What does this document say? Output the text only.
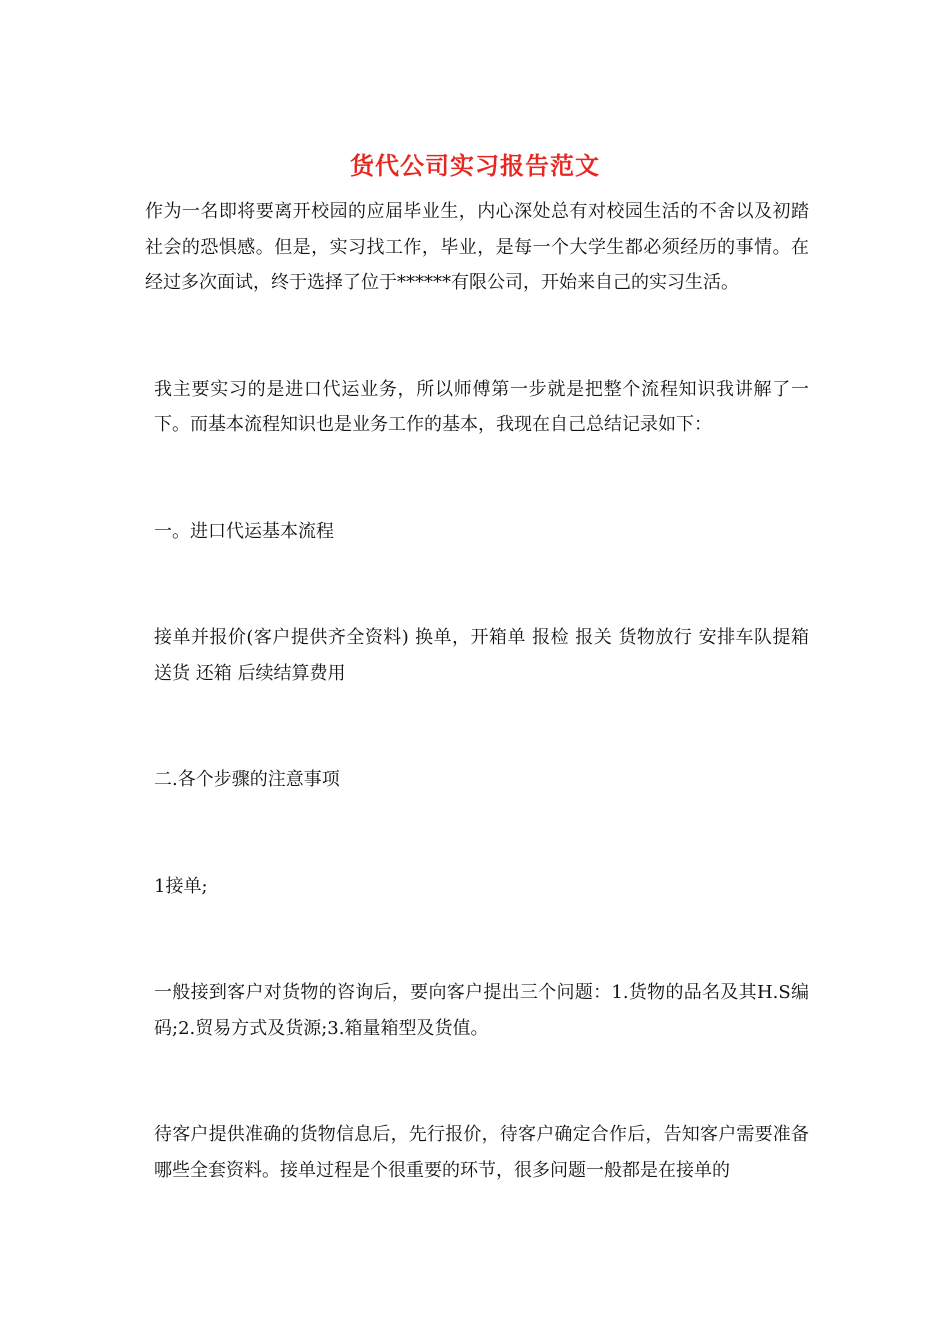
货代公司实习报告范文

作为一名即将要离开校园的应届毕业生，内心深处总有对校园生活的不舍以及初踏社会的恐惧感。但是，实习找工作，毕业，是每一个大学生都必须经历的事情。在经过多次面试，终于选择了位于******有限公司，开始来自己的实习生活。

我主要实习的是进口代运业务，所以师傅第一步就是把整个流程知识我讲解了一下。而基本流程知识也是业务工作的基本，我现在自己总结记录如下：

一。进口代运基本流程

接单并报价(客户提供齐全资料) 换单，开箱单 报检 报关 货物放行 安排车队提箱 送货 还箱 后续结算费用

二.各个步骤的注意事项

1接单;

一般接到客户对货物的咨询后，要向客户提出三个问题：1.货物的品名及其H.S编码;2.贸易方式及货源;3.箱量箱型及货值。

待客户提供准确的货物信息后，先行报价，待客户确定合作后，告知客户需要准备哪些全套资料。接单过程是个很重要的环节，很多问题一般都是在接单的
